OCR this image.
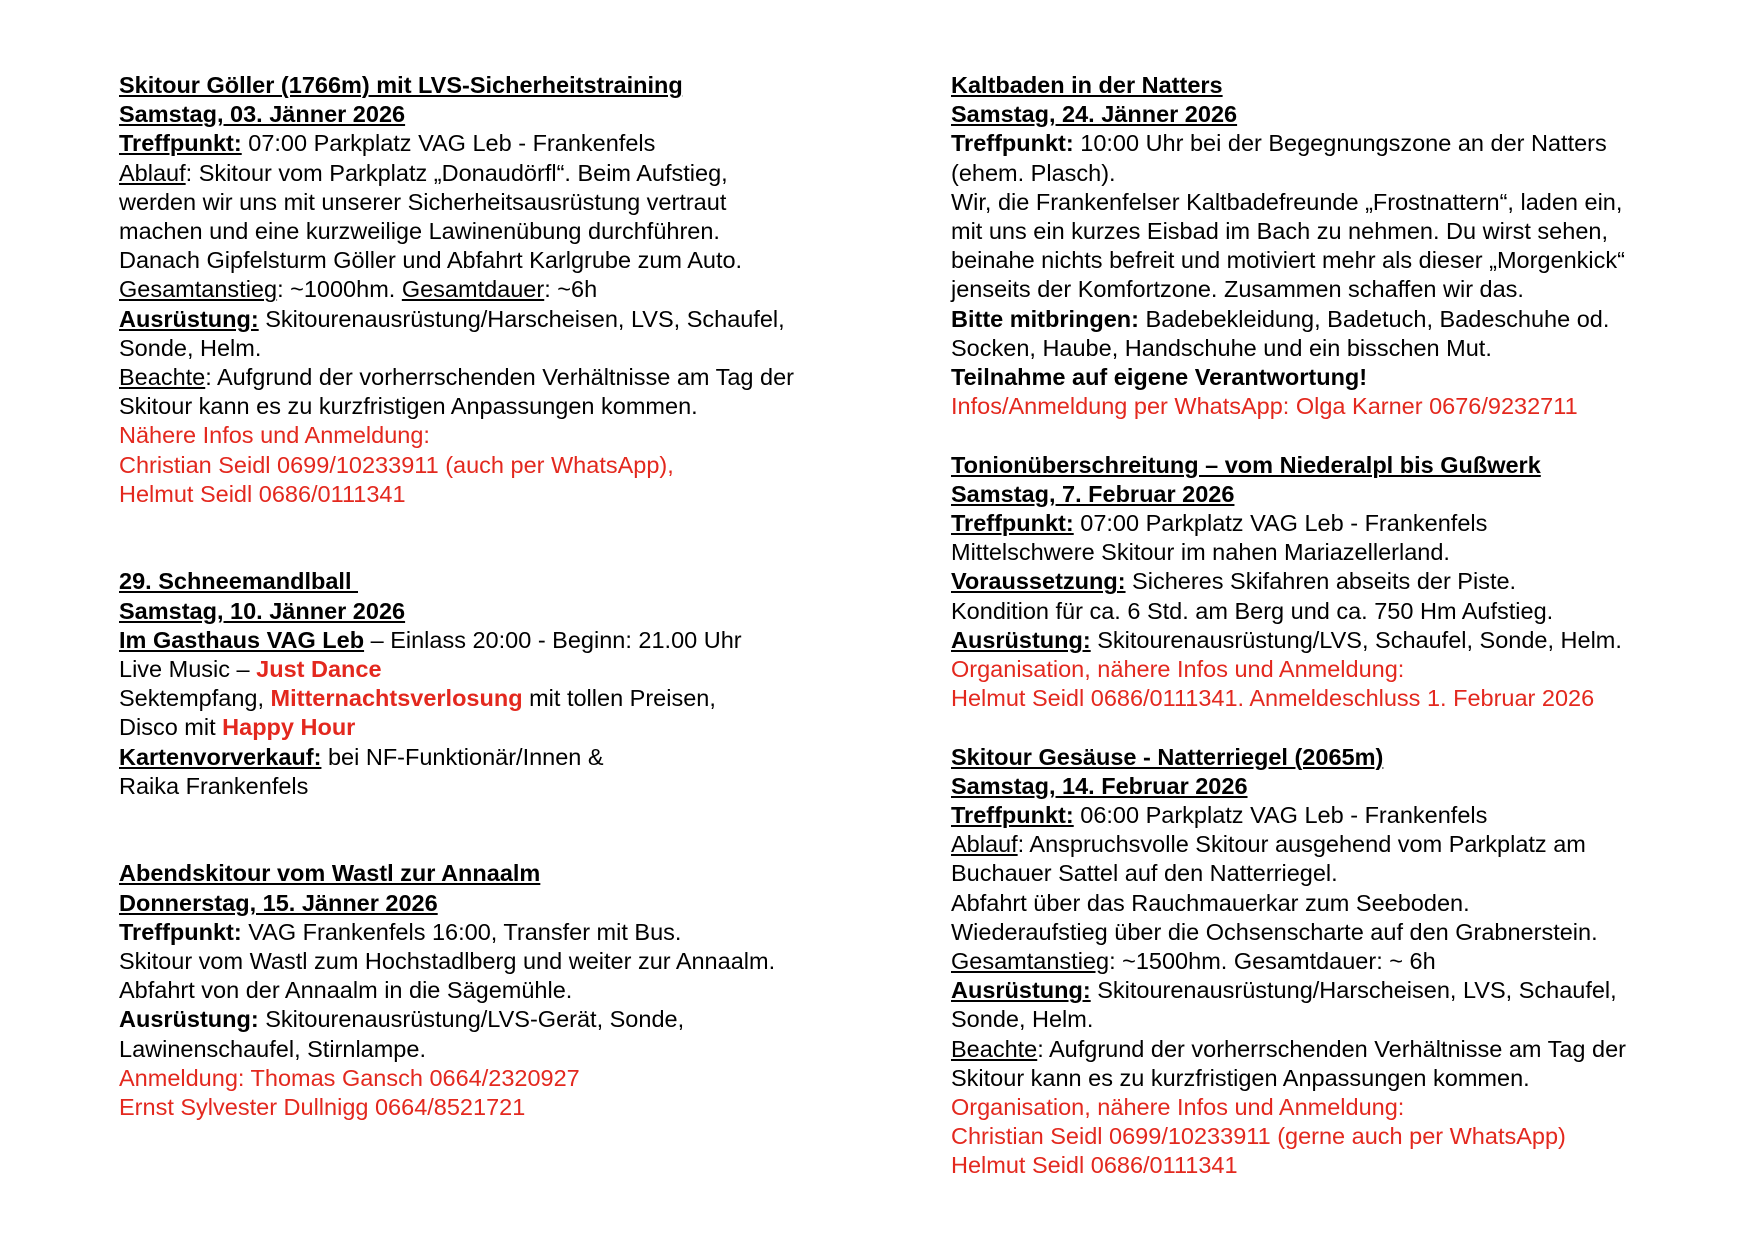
Skitour Göller (1766m) mit LVS-Sicherheitstraining
Samstag, 03. Jänner 2026
Treffpunkt: 07:00 Parkplatz VAG Leb - Frankenfels
Ablauf: Skitour vom Parkplatz „Donaudörfl“. Beim Aufstieg,
werden wir uns mit unserer Sicherheitsausrüstung vertraut
machen und eine kurzweilige Lawinenübung durchführen.
Danach Gipfelsturm Göller und Abfahrt Karlgrube zum Auto.
Gesamtanstieg: ~1000hm. Gesamtdauer: ~6h
Ausrüstung: Skitourenausrüstung/Harscheisen, LVS, Schaufel,
Sonde, Helm.
Beachte: Aufgrund der vorherrschenden Verhältnisse am Tag der
Skitour kann es zu kurzfristigen Anpassungen kommen.
Nähere Infos und Anmeldung:
Christian Seidl 0699/10233911 (auch per WhatsApp),
Helmut Seidl 0686/0111341
29. Schneemandlball
Samstag, 10. Jänner 2026
Im Gasthaus VAG Leb – Einlass 20:00 - Beginn: 21.00 Uhr
Live Music – Just Dance
Sektempfang, Mitternachtsverlosung mit tollen Preisen,
Disco mit Happy Hour
Kartenvorverkauf: bei NF-Funktionär/Innen &
Raika Frankenfels
Abendskitour vom Wastl zur Annaalm
Donnerstag, 15. Jänner 2026
Treffpunkt: VAG Frankenfels 16:00, Transfer mit Bus.
Skitour vom Wastl zum Hochstadlberg und weiter zur Annaalm.
Abfahrt von der Annaalm in die Sägemühle.
Ausrüstung: Skitourenausrüstung/LVS-Gerät, Sonde,
Lawinenschaufel, Stirnlampe.
Anmeldung: Thomas Gansch 0664/2320927
Ernst Sylvester Dullnigg 0664/8521721
Kaltbaden in der Natters
Samstag, 24. Jänner 2026
Treffpunkt: 10:00 Uhr bei der Begegnungszone an der Natters
(ehem. Plasch).
Wir, die Frankenfelser Kaltbadefreunde „Frostnattern“, laden ein,
mit uns ein kurzes Eisbad im Bach zu nehmen. Du wirst sehen,
beinahe nichts befreit und motiviert mehr als dieser „Morgenkick“
jenseits der Komfortzone. Zusammen schaffen wir das.
Bitte mitbringen: Badebekleidung, Badetuch, Badeschuhe od.
Socken, Haube, Handschuhe und ein bisschen Mut.
Teilnahme auf eigene Verantwortung!
Infos/Anmeldung per WhatsApp: Olga Karner 0676/9232711
Tonionüberschreitung – vom Niederalpl bis Gußwerk
Samstag, 7. Februar 2026
Treffpunkt: 07:00 Parkplatz VAG Leb - Frankenfels
Mittelschwere Skitour im nahen Mariazellerland.
Voraussetzung: Sicheres Skifahren abseits der Piste.
Kondition für ca. 6 Std. am Berg und ca. 750 Hm Aufstieg.
Ausrüstung: Skitourenausrüstung/LVS, Schaufel, Sonde, Helm.
Organisation, nähere Infos und Anmeldung:
Helmut Seidl 0686/0111341. Anmeldeschluss 1. Februar 2026
Skitour Gesäuse - Natterriegel (2065m)
Samstag, 14. Februar 2026
Treffpunkt: 06:00 Parkplatz VAG Leb - Frankenfels
Ablauf: Anspruchsvolle Skitour ausgehend vom Parkplatz am
Buchauer Sattel auf den Natterriegel.
Abfahrt über das Rauchmauerkar zum Seeboden.
Wiederaufstieg über die Ochsenscharte auf den Grabnerstein.
Gesamtanstieg: ~1500hm. Gesamtdauer: ~ 6h
Ausrüstung: Skitourenausrüstung/Harscheisen, LVS, Schaufel,
Sonde, Helm.
Beachte: Aufgrund der vorherrschenden Verhältnisse am Tag der
Skitour kann es zu kurzfristigen Anpassungen kommen.
Organisation, nähere Infos und Anmeldung:
Christian Seidl 0699/10233911 (gerne auch per WhatsApp)
Helmut Seidl 0686/0111341
